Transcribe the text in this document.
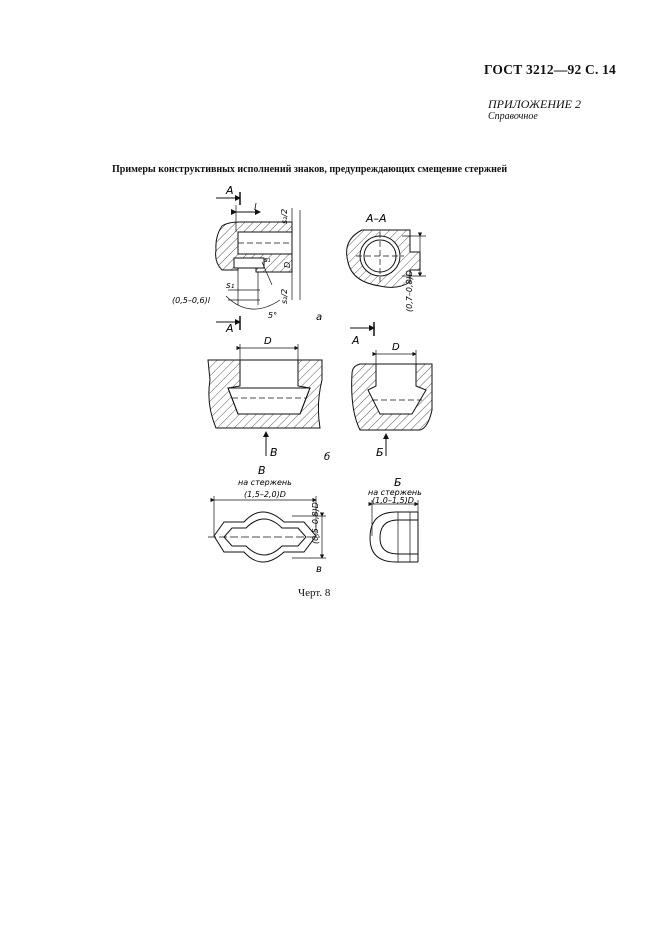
ГОСТ 3212—92 С. 14
ПРИЛОЖЕНИЕ 2
Справочное
Примеры конструктивных исполнений знаков, предупреждающих смещение стержней
А
А
l
s₂/2
D
s₂/2
s₁
s₁
(0,5–0,6)l
5°	a
А–А
(0,7–0,8)D
А
D
В	б
D
Б
В
на стержень
(1,5–2,0)D
(0,5–0,8)D
в
Б
на стержень
(1,0–1,5)D
Черт. 8
